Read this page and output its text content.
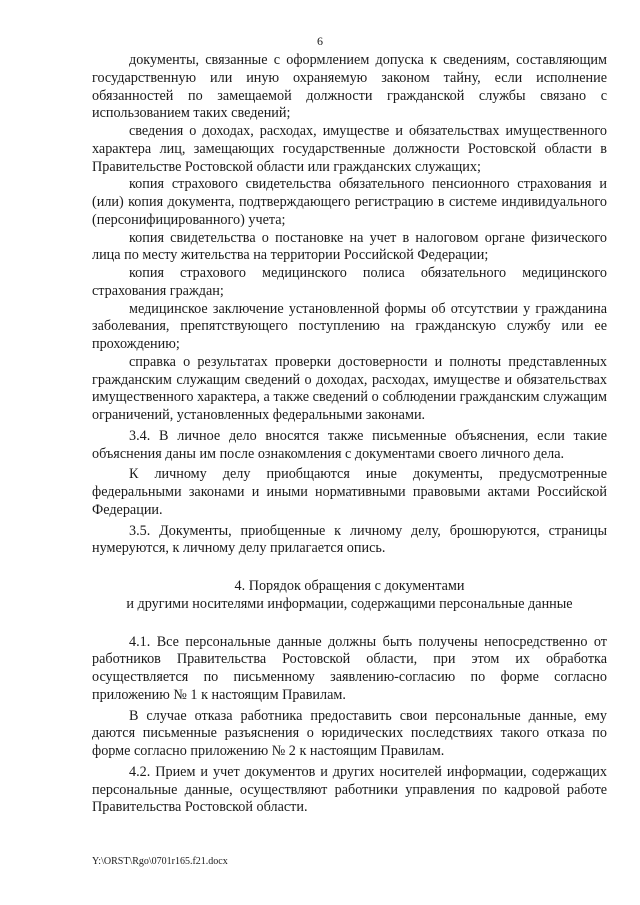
6

документы, связанные с оформлением допуска к сведениям, составляющим государственную или иную охраняемую законом тайну, если исполнение обязанностей по замещаемой должности гражданской службы связано с использованием таких сведений;

сведения о доходах, расходах, имуществе и обязательствах имущественного характера лиц, замещающих государственные должности Ростовской области в Правительстве Ростовской области или гражданских служащих;

копия страхового свидетельства обязательного пенсионного страхования и (или) копия документа, подтверждающего регистрацию в системе индивидуального (персонифицированного) учета;

копия свидетельства о постановке на учет в налоговом органе физического лица по месту жительства на территории Российской Федерации;

копия страхового медицинского полиса обязательного медицинского страхования граждан;

медицинское заключение установленной формы об отсутствии у гражданина заболевания, препятствующего поступлению на гражданскую службу или ее прохождению;

справка о результатах проверки достоверности и полноты представленных гражданским служащим сведений о доходах, расходах, имуществе и обязательствах имущественного характера, а также сведений о соблюдении гражданским служащим ограничений, установленных федеральными законами.

3.4. В личное дело вносятся также письменные объяснения, если такие объяснения даны им после ознакомления с документами своего личного дела.

К личному делу приобщаются иные документы, предусмотренные федеральными законами и иными нормативными правовыми актами Российской Федерации.

3.5. Документы, приобщенные к личному делу, брошюруются, страницы нумеруются, к личному делу прилагается опись.

4. Порядок обращения с документами
и другими носителями информации, содержащими персональные данные

4.1. Все персональные данные должны быть получены непосредственно от работников Правительства Ростовской области, при этом их обработка осуществляется по письменному заявлению-согласию по форме согласно приложению № 1 к настоящим Правилам.

В случае отказа работника предоставить свои персональные данные, ему даются письменные разъяснения о юридических последствиях такого отказа по форме согласно приложению № 2 к настоящим Правилам.

4.2. Прием и учет документов и других носителей информации, содержащих персональные данные, осуществляют работники управления по кадровой работе Правительства Ростовской области.

Y:\ORST\Rgo\0701r165.f21.docx
